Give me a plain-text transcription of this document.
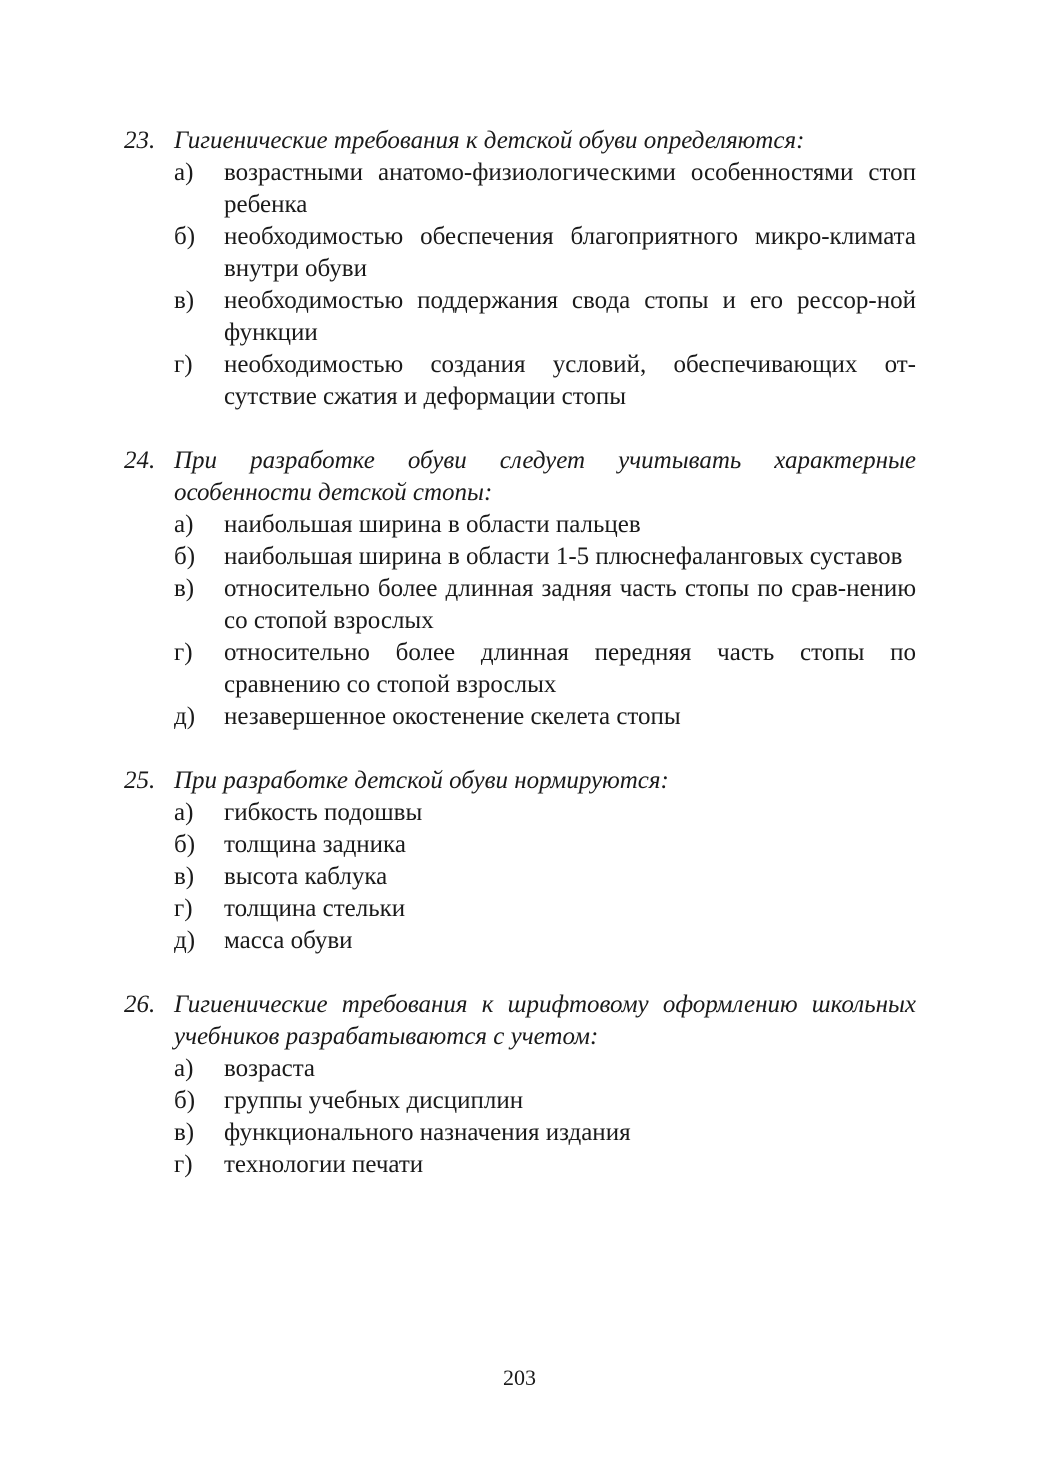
23. Гигиенические требования к детской обуви определяются:
а)	возрастными анатомо-физиологическими особенностями стоп ребенка
б)	необходимостью обеспечения благоприятного микро-климата внутри обуви
в)	необходимостью поддержания свода стопы и его рессор-ной функции
г)	необходимостью создания условий, обеспечивающих от-сутствие сжатия и деформации стопы
24. При разработке обуви следует учитывать характерные особенности детской стопы:
а)	наибольшая ширина в области пальцев
б)	наибольшая ширина в области 1-5 плюснефаланговых суставов
в)	относительно более длинная задняя часть стопы по срав-нению со стопой взрослых
г)	относительно более длинная передняя часть стопы по сравнению со стопой взрослых
д)	незавершенное окостенение скелета стопы
25. При разработке детской обуви нормируются:
а)	гибкость подошвы
б)	толщина задника
в)	высота каблука
г)	толщина стельки
д)	масса обуви
26. Гигиенические требования к шрифтовому оформлению школьных учебников разрабатываются с учетом:
а)	возраста
б)	группы учебных дисциплин
в)	функционального назначения издания
г)	технологии печати
203
